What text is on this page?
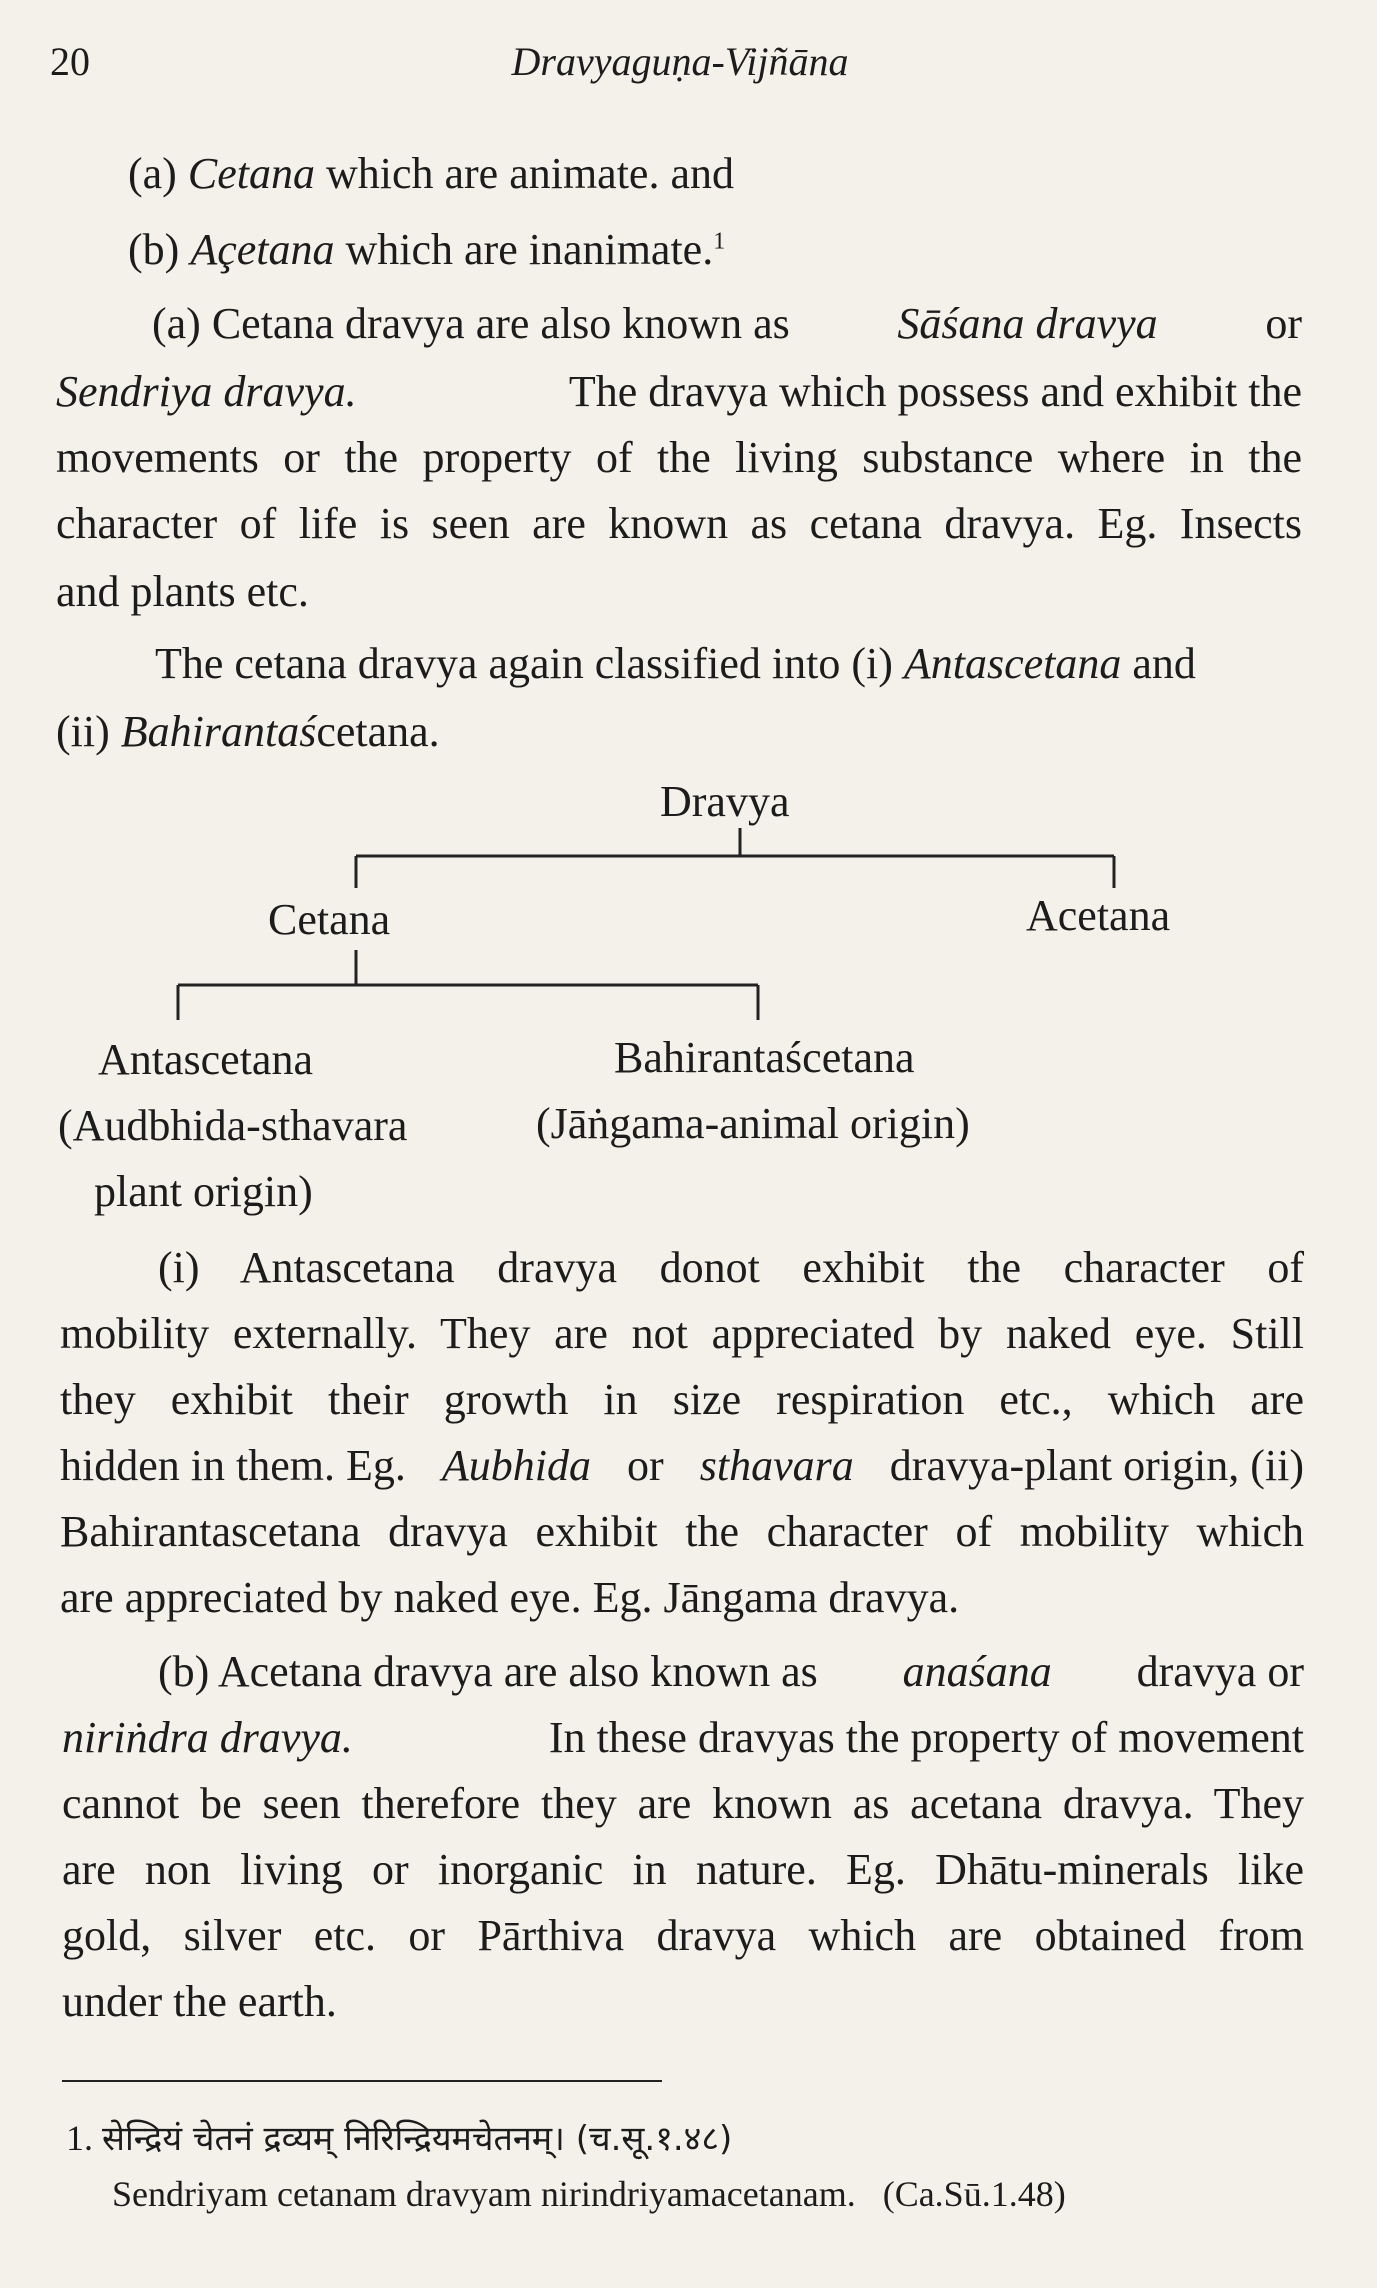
20	Dravyaguṇa-Vijñāna
(a) Cetana which are animate. and
(b) Açetana which are inanimate.$^1$
(a) Cetana dravya are also known as Sāśana dravya or
Sendriya dravya.	The dravya which possess and exhibit the
movements or the property of the living substance where in the
character of life is seen are known as cetana dravya. Eg. Insects
and plants etc.
The cetana dravya again classified into (i) Antascetana and
(ii) Bahirantaścetana.
Dravya
Cetana	Acetana
Antascetana
(Audbhida-sthavara
plant origin)
Bahirantaścetana
(Jāṅgama-animal origin)
(i) Antascetana dravya donot exhibit the character of
mobility externally. They are not appreciated by naked eye. Still
they exhibit their growth in size respiration etc., which are
hidden in them. Eg. Aubhida or sthavara dravya-plant origin, (ii)
Bahirantascetana dravya exhibit the character of mobility which
are appreciated by naked eye. Eg. Jāngama dravya.
(b) Acetana dravya are also known as anaśana dravya or
niriṅdra dravya.	In these dravyas the property of movement
cannot be seen therefore they are known as acetana dravya. They
are non living or inorganic in nature. Eg. Dhātu-minerals like
gold, silver etc. or Pārthiva dravya which are obtained from
under the earth.
1. सेन्द्रियं चेतनं द्रव्यम् निरिन्द्रियमचेतनम्। (च.सू.१.४८)
Sendriyam cetanam dravyam nirindriyamacetanam. (Ca.Sū.1.48)
